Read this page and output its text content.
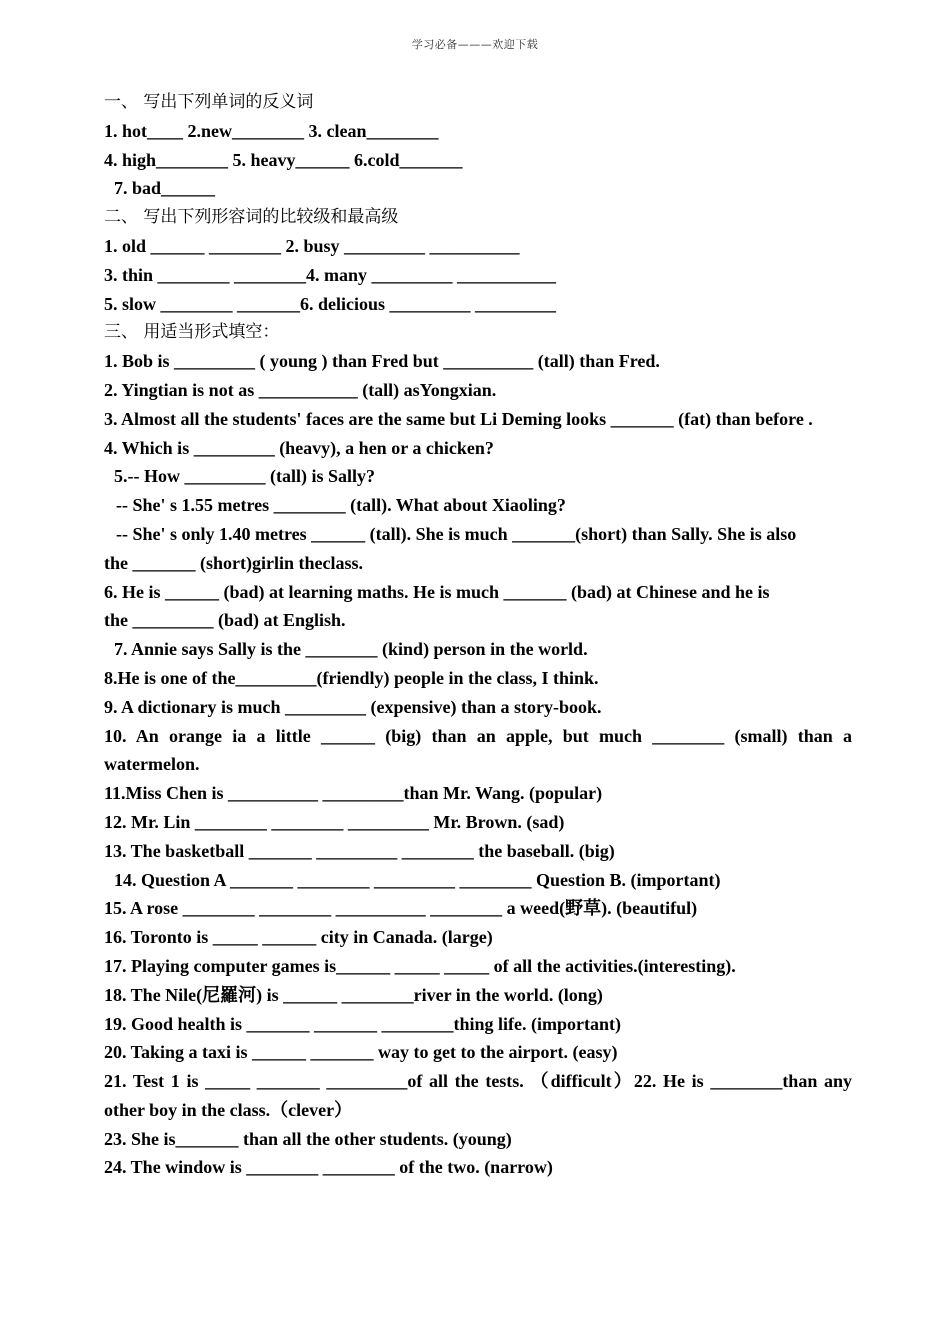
学习必备———欢迎下载
一、 写出下列单词的反义词
1. hot____ 2.new________ 3. clean________
4. high________ 5. heavy______ 6.cold_______
7. bad______
二、 写出下列形容词的比较级和最高级
1. old ______ ________ 2. busy _________ __________
3. thin ________ ________4. many _________ ___________
5. slow ________ _______6. delicious _________ _________
三、 用适当形式填空：
1. Bob is _________ ( young ) than Fred but __________ (tall) than Fred.
2. Yingtian is not as ___________ (tall) asYongxian.
3. Almost all the students' faces are the same but Li Deming looks _______ (fat) than before .
4. Which is _________ (heavy), a hen or a chicken?
5.-- How _________ (tall) is Sally?
-- She' s 1.55 metres ________ (tall). What about Xiaoling?
-- She' s only 1.40 metres ______ (tall). She is much _______(short) than Sally. She is also
the _______ (short)girlin theclass.
6. He is ______ (bad) at learning maths. He is much _______ (bad) at Chinese and he is
the _________ (bad) at English.
7. Annie says Sally is the ________ (kind) person in the world.
8.He is one of the_________(friendly) people in the class, I think.
9. A dictionary is much _________ (expensive) than a story-book.
10. An orange ia a little ______ (big) than an apple, but much ________ (small) than a watermelon.
11.Miss Chen is __________ _________than Mr. Wang. (popular)
12. Mr. Lin ________ ________ _________ Mr. Brown. (sad)
13. The basketball _______ _________ ________ the baseball. (big)
14. Question A _______ ________ _________ ________ Question B. (important)
15. A rose ________ ________ __________ ________ a weed(野草). (beautiful)
16. Toronto is _____ ______ city in Canada. (large)
17. Playing computer games is______ _____ _____ of all the activities.(interesting).
18. The Nile(尼羅河) is ______ ________river in the world. (long)
19. Good health is _______ _______ ________thing life. (important)
20. Taking a taxi is ______ _______ way to get to the airport. (easy)
21. Test 1 is _____ _______ _________of all the tests. （difficult）22. He is ________than any other boy in the class.（clever）
23. She is_______ than all the other students. (young)
24. The window is ________ ________ of the two. (narrow)
